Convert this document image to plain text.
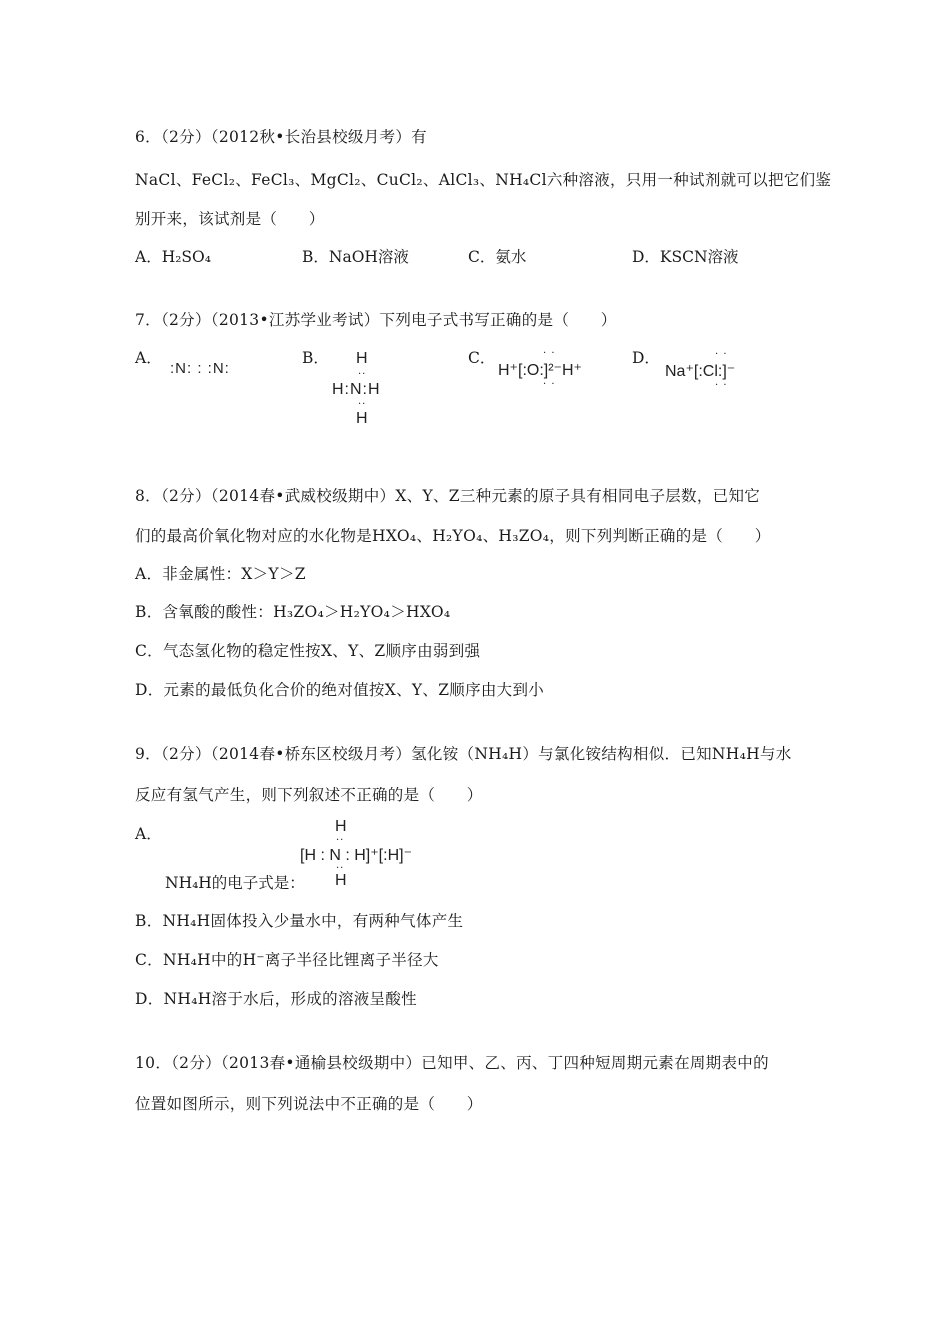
6．（2分）（2012秋•长治县校级月考）有
NaCl、FeCl₂、FeCl₃、MgCl₂、CuCl₂、AlCl₃、NH₄Cl六种溶液，只用一种试剂就可以把它们鉴
别开来，该试剂是（　　）
A．H₂SO₄	B．NaOH溶液	C．氨水	D．KSCN溶液
7．（2分）（2013•江苏学业考试）下列电子式书写正确的是（　　）
A．	B．	C．	D．
:N: : :N:
H
··
H:N:H
··
H
· ·
H⁺[:O:]²⁻H⁺
· ·
· ·
Na⁺[:Cl:]⁻
· ·
8．（2分）（2014春•武威校级期中）X、Y、Z三种元素的原子具有相同电子层数，已知它
们的最高价氧化物对应的水化物是HXO₄、H₂YO₄、H₃ZO₄，则下列判断正确的是（　　）
A．非金属性：X＞Y＞Z
B．含氧酸的酸性：H₃ZO₄＞H₂YO₄＞HXO₄
C．气态氢化物的稳定性按X、Y、Z顺序由弱到强
D．元素的最低负化合价的绝对值按X、Y、Z顺序由大到小
9．（2分）（2014春•桥东区校级月考）氢化铵（NH₄H）与氯化铵结构相似．已知NH₄H与水
反应有氢气产生，则下列叙述不正确的是（　　）
A．
NH₄H的电子式是：
H
··
[H : N : H]⁺[:H]⁻
··
H
B．NH₄H固体投入少量水中，有两种气体产生
C．NH₄H中的H⁻离子半径比锂离子半径大
D．NH₄H溶于水后，形成的溶液呈酸性
10．（2分）（2013春•通榆县校级期中）已知甲、乙、丙、丁四种短周期元素在周期表中的
位置如图所示，则下列说法中不正确的是（　　）
